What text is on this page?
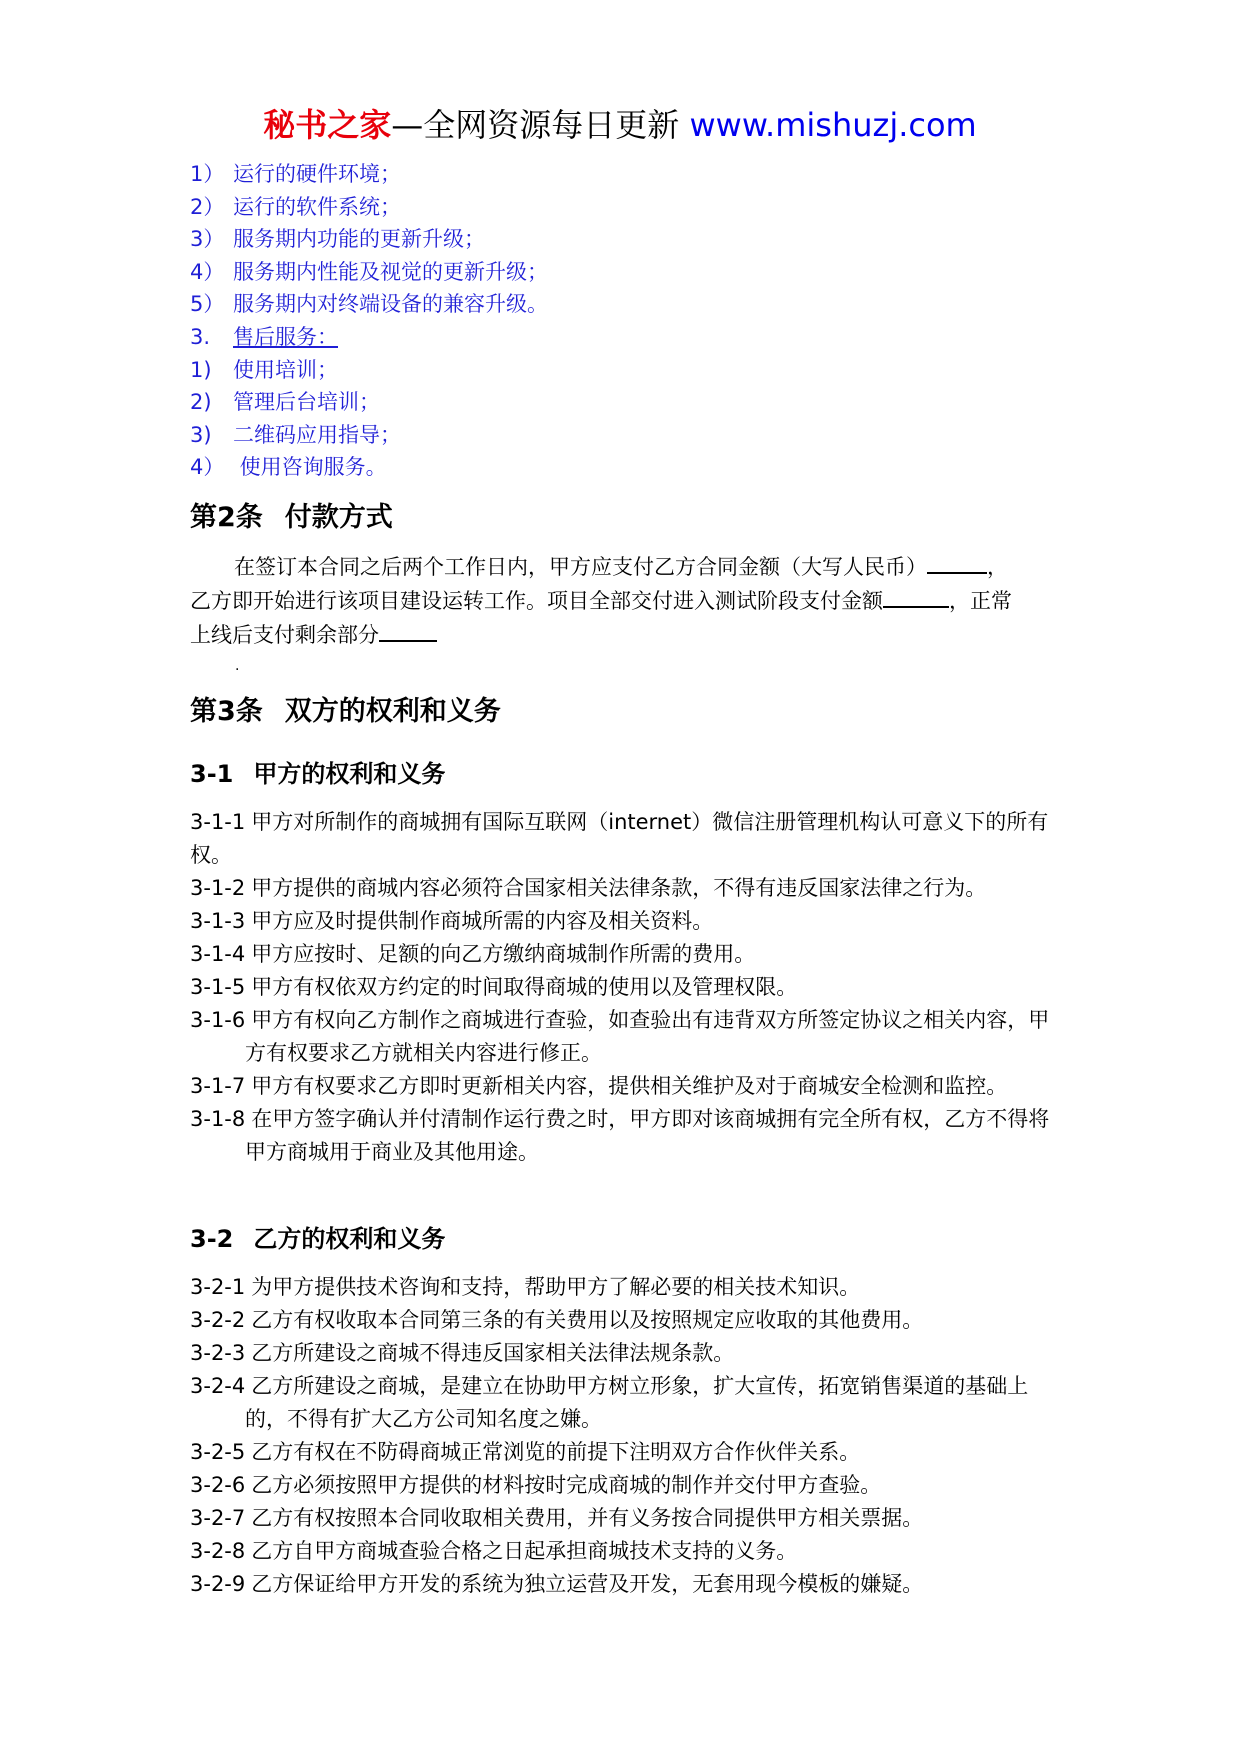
秘书之家—全网资源每日更新 www.mishuzj.com
1） 运行的硬件环境；
2） 运行的软件系统；
3） 服务期内功能的更新升级；
4） 服务期内性能及视觉的更新升级；
5） 服务期内对终端设备的兼容升级。
3. 售后服务：
1) 使用培训；
2) 管理后台培训；
3) 二维码应用指导；
4） 使用咨询服务。
第2条 付款方式

在签订本合同之后两个工作日内，甲方应支付乙方合同金额（大写人民币）	，
乙方即开始进行该项目建设运转工作。项目全部交付进入测试阶段支付金额	，正常
上线后支付剩余部分

.
第3条 双方的权利和义务
3-1 甲方的权利和义务
3-1-1 甲方对所制作的商城拥有国际互联网（internet）微信注册管理机构认可意义下的所有权。
3-1-2 甲方提供的商城内容必须符合国家相关法律条款，不得有违反国家法律之行为。
3-1-3 甲方应及时提供制作商城所需的内容及相关资料。
3-1-4 甲方应按时、足额的向乙方缴纳商城制作所需的费用。
3-1-5 甲方有权依双方约定的时间取得商城的使用以及管理权限。
3-1-6 甲方有权向乙方制作之商城进行查验，如查验出有违背双方所签定协议之相关内容，甲方有权要求乙方就相关内容进行修正。
3-1-7 甲方有权要求乙方即时更新相关内容，提供相关维护及对于商城安全检测和监控。
3-1-8 在甲方签字确认并付清制作运行费之时，甲方即对该商城拥有完全所有权，乙方不得将甲方商城用于商业及其他用途。
3-2 乙方的权利和义务
3-2-1 为甲方提供技术咨询和支持，帮助甲方了解必要的相关技术知识。
3-2-2 乙方有权收取本合同第三条的有关费用以及按照规定应收取的其他费用。
3-2-3 乙方所建设之商城不得违反国家相关法律法规条款。
3-2-4 乙方所建设之商城，是建立在协助甲方树立形象，扩大宣传，拓宽销售渠道的基础上的，不得有扩大乙方公司知名度之嫌。
3-2-5 乙方有权在不防碍商城正常浏览的前提下注明双方合作伙伴关系。
3-2-6 乙方必须按照甲方提供的材料按时完成商城的制作并交付甲方查验。
3-2-7 乙方有权按照本合同收取相关费用，并有义务按合同提供甲方相关票据。
3-2-8 乙方自甲方商城查验合格之日起承担商城技术支持的义务。
3-2-9 乙方保证给甲方开发的系统为独立运营及开发，无套用现今模板的嫌疑。
